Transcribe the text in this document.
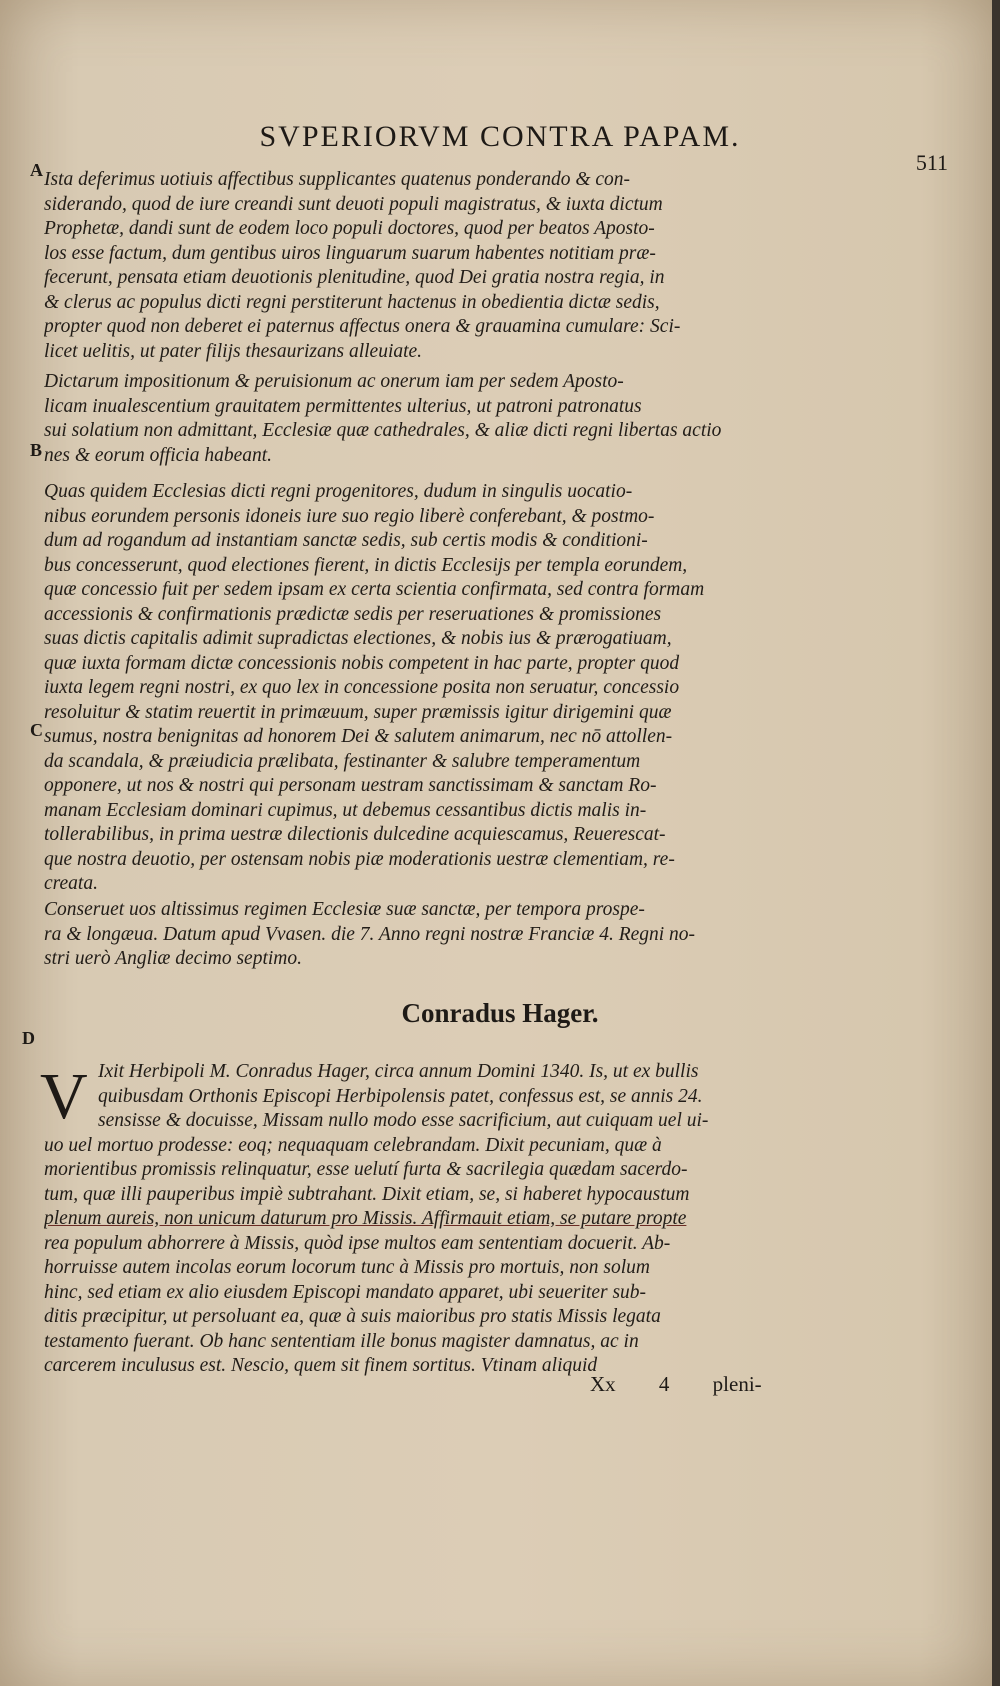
SVPERIORVM CONTRA PAPAM.
511
A
B
C
D
Ista deferimus uotiuis affectibus supplicantes quatenus ponderando & con-
siderando, quod de iure creandi sunt deuoti populi magistratus, & iuxta dictum
Prophetæ, dandi sunt de eodem loco populi doctores, quod per beatos Aposto-
los esse factum, dum gentibus uiros linguarum suarum habentes notitiam præ-
fecerunt, pensata etiam deuotionis plenitudine, quod Dei gratia nostra regia, in
& clerus ac populus dicti regni perstiterunt hactenus in obedientia dictæ sedis,
propter quod non deberet ei paternus affectus onera & grauamina cumulare: Sci-
licet uelitis, ut pater filijs thesaurizans alleuiate.
Dictarum impositionum & peruisionum ac onerum iam per sedem Aposto-
licam inualescentium grauitatem permittentes ulterius, ut patroni patronatus
sui solatium non admittant, Ecclesiæ quæ cathedrales, & aliæ dicti regni libertas actio
nes & eorum officia habeant.
Quas quidem Ecclesias dicti regni progenitores, dudum in singulis uocatio-
nibus eorundem personis idoneis iure suo regio liberè conferebant, & postmo-
dum ad rogandum ad instantiam sanctæ sedis, sub certis modis & conditioni-
bus concesserunt, quod electiones fierent, in dictis Ecclesijs per templa eorundem,
quæ concessio fuit per sedem ipsam ex certa scientia confirmata, sed contra formam
accessionis & confirmationis prædictæ sedis per reseruationes & promissiones
suas dictis capitalis adimit supradictas electiones, & nobis ius & prærogatiuam,
quæ iuxta formam dictæ concessionis nobis competent in hac parte, propter quod
iuxta legem regni nostri, ex quo lex in concessione posita non seruatur, concessio
resoluitur & statim reuertit in primæuum, super præmissis igitur dirigemini quæ
sumus, nostra benignitas ad honorem Dei & salutem animarum, nec nō attollen-
da scandala, & præiudicia prælibata, festinanter & salubre temperamentum
opponere, ut nos & nostri qui personam uestram sanctissimam & sanctam Ro-
manam Ecclesiam dominari cupimus, ut debemus cessantibus dictis malis in-
tollerabilibus, in prima uestræ dilectionis dulcedine acquiescamus, Reuerescat-
que nostra deuotio, per ostensam nobis piæ moderationis uestræ clementiam, re-
creata.
Conseruet uos altissimus regimen Ecclesiæ suæ sanctæ, per tempora prospe-
ra & longæua. Datum apud Vvasen. die 7. Anno regni nostræ Franciæ 4. Regni no-
stri uerò Angliæ decimo septimo.
Conradus Hager.
V Ixit Herbipoli M. Conradus Hager, circa annum Domini 1340. Is, ut ex bullis
quibusdam Orthonis Episcopi Herbipolensis patet, confessus est, se annis 24.
sensisse & docuisse, Missam nullo modo esse sacrificium, aut cuiquam uel ui-
uo uel mortuo prodesse: eoq; nequaquam celebrandam. Dixit pecuniam, quæ à
morientibus promissis relinquatur, esse uelutí furta & sacrilegia quædam sacerdo-
tum, quæ illi pauperibus impiè subtrahant. Dixit etiam, se, si haberet hypocaustum
plenum aureis, non unicum daturum pro Missis. Affirmauit etiam, se putare propte
rea populum abhorrere à Missis, quòd ipse multos eam sententiam docuerit. Ab-
horruisse autem incolas eorum locorum tunc à Missis pro mortuis, non solum
hinc, sed etiam ex alio eiusdem Episcopi mandato apparet, ubi seueriter sub-
ditis præcipitur, ut persoluant ea, quæ à suis maioribus pro statis Missis legata
testamento fuerant. Ob hanc sententiam ille bonus magister damnatus, ac in
carcerem inculusus est. Nescio, quem sit finem sortitus. Vtinam aliquid
Xx 4 pleni-
